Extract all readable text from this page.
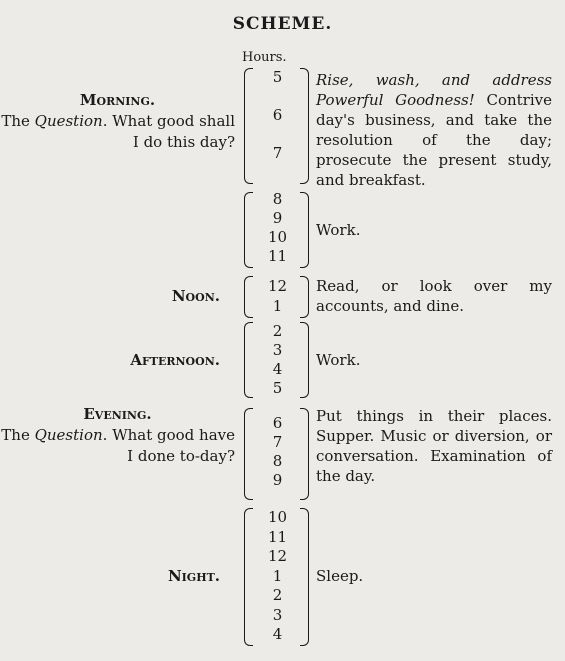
SCHEME.
Hours.
Morning.
The Question. What good shall I do this day?
5
6
7
Rise, wash, and address Powerful Goodness! Contrive day's business, and take the resolution of the day; prosecute the present study, and breakfast.
8
9
10
11
Work.
Noon.
12
1
Read, or look over my accounts, and dine.
Afternoon.
2
3
4
5
Work.
Evening.
The Question. What good have I done to-day?
6
7
8
9
Put things in their places. Supper. Music or diversion, or conversation. Examination of the day.
Night.
10
11
12
1
2
3
4
Sleep.
